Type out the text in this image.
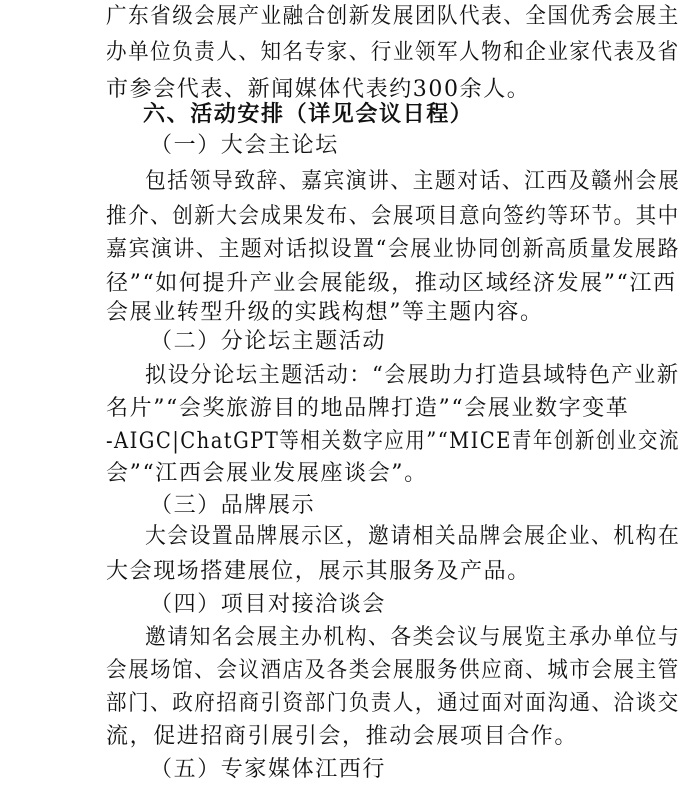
广东省级会展产业融合创新发展团队代表、全国优秀会展主
办单位负责人、知名专家、行业领军人物和企业家代表及省
市参会代表、新闻媒体代表约300余人。
六、活动安排（详见会议日程）
（一）大会主论坛
包括领导致辞、嘉宾演讲、主题对话、江西及赣州会展
推介、创新大会成果发布、会展项目意向签约等环节。其中
嘉宾演讲、主题对话拟设置“会展业协同创新高质量发展路
径”“如何提升产业会展能级，推动区域经济发展”“江西
会展业转型升级的实践构想”等主题内容。
（二）分论坛主题活动
拟设分论坛主题活动：“会展助力打造县域特色产业新
名片”“会奖旅游目的地品牌打造”“会展业数字变革
-AIGC|ChatGPT等相关数字应用”“MICE青年创新创业交流
会”“江西会展业发展座谈会”。
（三）品牌展示
大会设置品牌展示区，邀请相关品牌会展企业、机构在
大会现场搭建展位，展示其服务及产品。
（四）项目对接洽谈会
邀请知名会展主办机构、各类会议与展览主承办单位与
会展场馆、会议酒店及各类会展服务供应商、城市会展主管
部门、政府招商引资部门负责人，通过面对面沟通、洽谈交
流，促进招商引展引会，推动会展项目合作。
（五）专家媒体江西行
